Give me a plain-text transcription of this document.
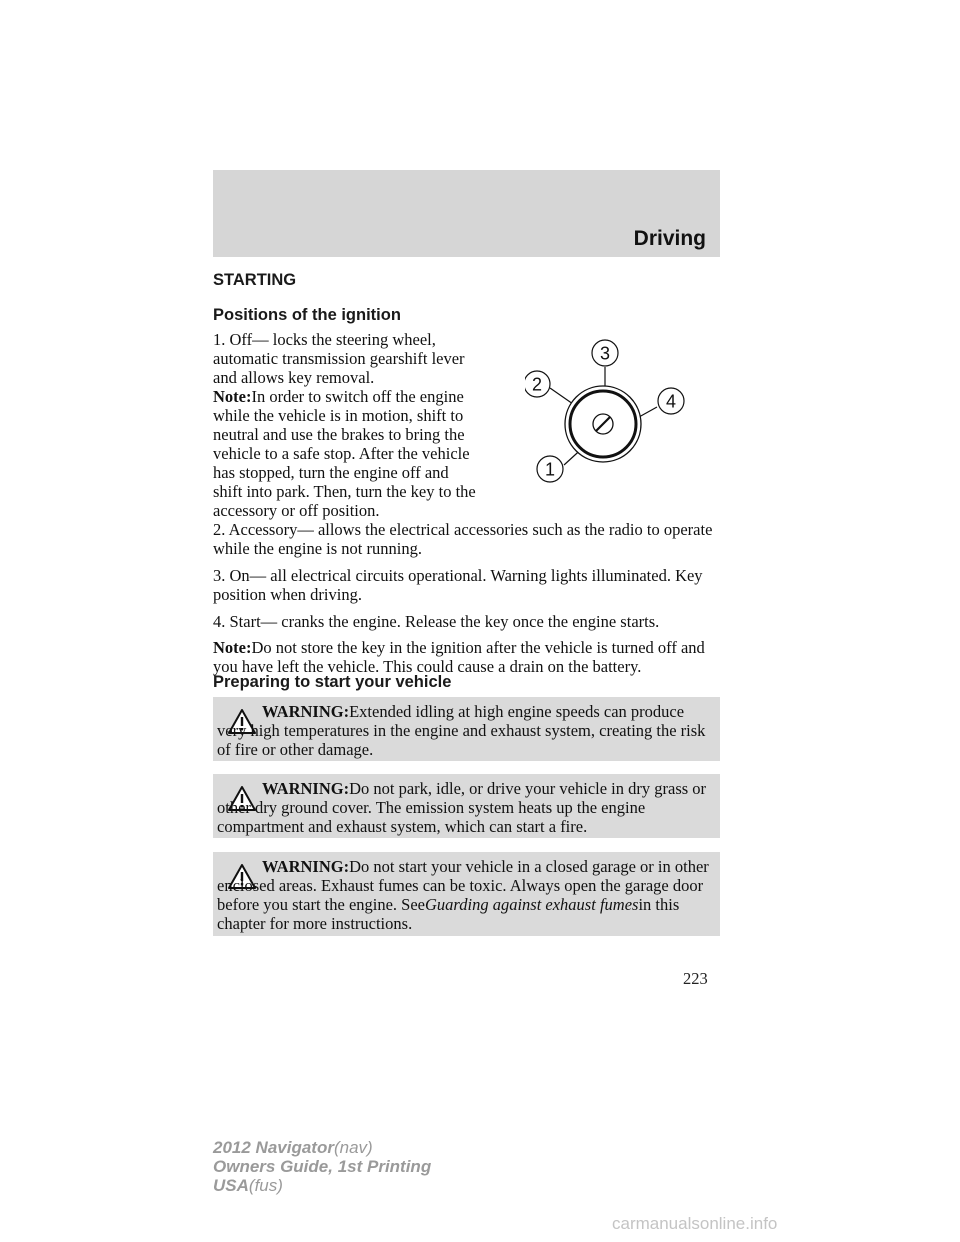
Driving
STARTING
Positions of the ignition
1. Off— locks the steering wheel, automatic transmission gearshift lever and allows key removal.
Note:In order to switch off the engine while the vehicle is in motion, shift to neutral and use the brakes to bring the vehicle to a safe stop. After the vehicle has stopped, turn the engine off and shift into park. Then, turn the key to the accessory or off position.
1
2
3
4
2. Accessory— allows the electrical accessories such as the radio to operate while the engine is not running.
3. On— all electrical circuits operational. Warning lights illuminated. Key position when driving.
4. Start— cranks the engine. Release the key once the engine starts.
Note:Do not store the key in the ignition after the vehicle is turned off and you have left the vehicle. This could cause a drain on the battery.
Preparing to start your vehicle
WARNING:Extended idling at high engine speeds can produce very high temperatures in the engine and exhaust system, creating the risk of fire or other damage.
WARNING:Do not park, idle, or drive your vehicle in dry grass or other dry ground cover. The emission system heats up the engine compartment and exhaust system, which can start a fire.
WARNING:Do not start your vehicle in a closed garage or in other enclosed areas. Exhaust fumes can be toxic. Always open the garage door before you start the engine. SeeGuarding against exhaust fumesin this chapter for more instructions.
223
2012 Navigator(nav)
Owners Guide, 1st Printing
USA(fus)
carmanualsonline.info
